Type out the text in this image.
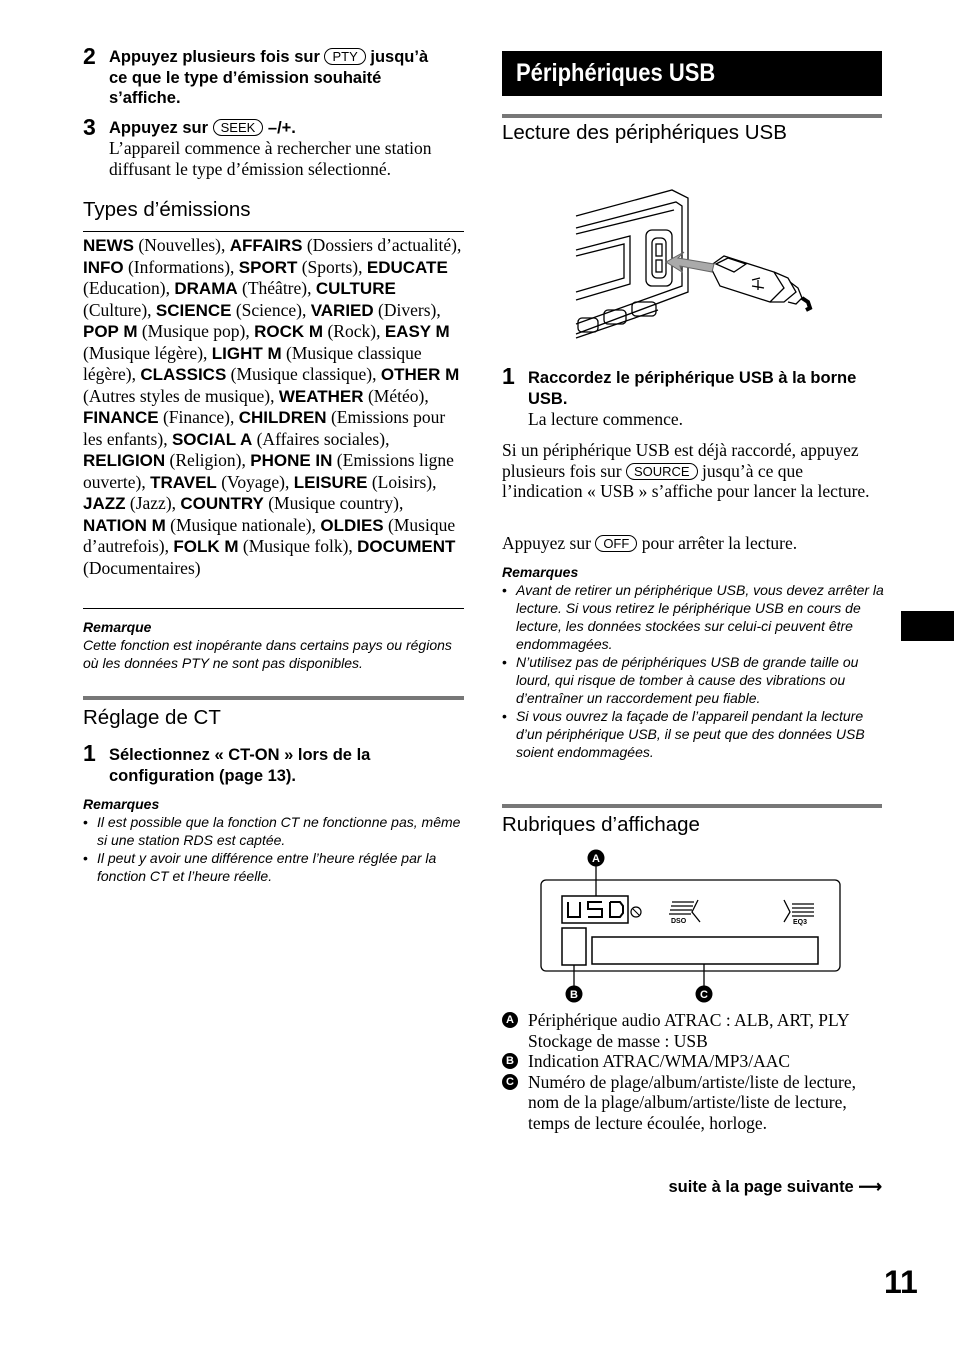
2 Appuyez plusieurs fois sur PTY jusqu’à ce que le type d’émission souhaité s’affiche.
3 Appuyez sur SEEK –/+.
L’appareil commence à rechercher une station diffusant le type d’émission sélectionné.
Types d’émissions
NEWS (Nouvelles), AFFAIRS (Dossiers d’actualité), INFO (Informations), SPORT (Sports), EDUCATE (Education), DRAMA (Théâtre), CULTURE (Culture), SCIENCE (Science), VARIED (Divers), POP M (Musique pop), ROCK M (Rock), EASY M (Musique légère), LIGHT M (Musique classique légère), CLASSICS (Musique classique), OTHER M (Autres styles de musique), WEATHER (Météo), FINANCE (Finance), CHILDREN (Emissions pour les enfants), SOCIAL A (Affaires sociales), RELIGION (Religion), PHONE IN (Emissions ligne ouverte), TRAVEL (Voyage), LEISURE (Loisirs), JAZZ (Jazz), COUNTRY (Musique country), NATION M (Musique nationale), OLDIES (Musique d’autrefois), FOLK M (Musique folk), DOCUMENT (Documentaires)
Remarque
Cette fonction est inopérante dans certains pays ou régions où les données PTY ne sont pas disponibles.
Réglage de CT
1 Sélectionnez « CT-ON » lors de la configuration (page 13).
Remarques
• Il est possible que la fonction CT ne fonctionne pas, même si une station RDS est captée.
• Il peut y avoir une différence entre l’heure réglée par la fonction CT et l’heure réelle.
Périphériques USB
Lecture des périphériques USB
1 Raccordez le périphérique USB à la borne USB.
La lecture commence.
Si un périphérique USB est déjà raccordé, appuyez plusieurs fois sur SOURCE jusqu’à ce que l’indication « USB » s’affiche pour lancer la lecture.
Appuyez sur OFF pour arrêter la lecture.
Remarques
• Avant de retirer un périphérique USB, vous devez arrêter la lecture. Si vous retirez le périphérique USB en cours de lecture, les données stockées sur celui-ci peuvent être endommagées.
• N’utilisez pas de périphériques USB de grande taille ou lourd, qui risque de tomber à cause des vibrations ou d’entraîner un raccordement peu fiable.
• Si vous ouvrez la façade de l’appareil pendant la lecture d’un périphérique USB, il se peut que des données USB soient endommagées.
Rubriques d’affichage
DSO	EQ3
A
B	C
A Périphérique audio ATRAC : ALB, ART, PLY
Stockage de masse : USB
B Indication ATRAC/WMA/MP3/AAC
C Numéro de plage/album/artiste/liste de lecture, nom de la plage/album/artiste/liste de lecture, temps de lecture écoulée, horloge.
suite à la page suivante ⟶
11
